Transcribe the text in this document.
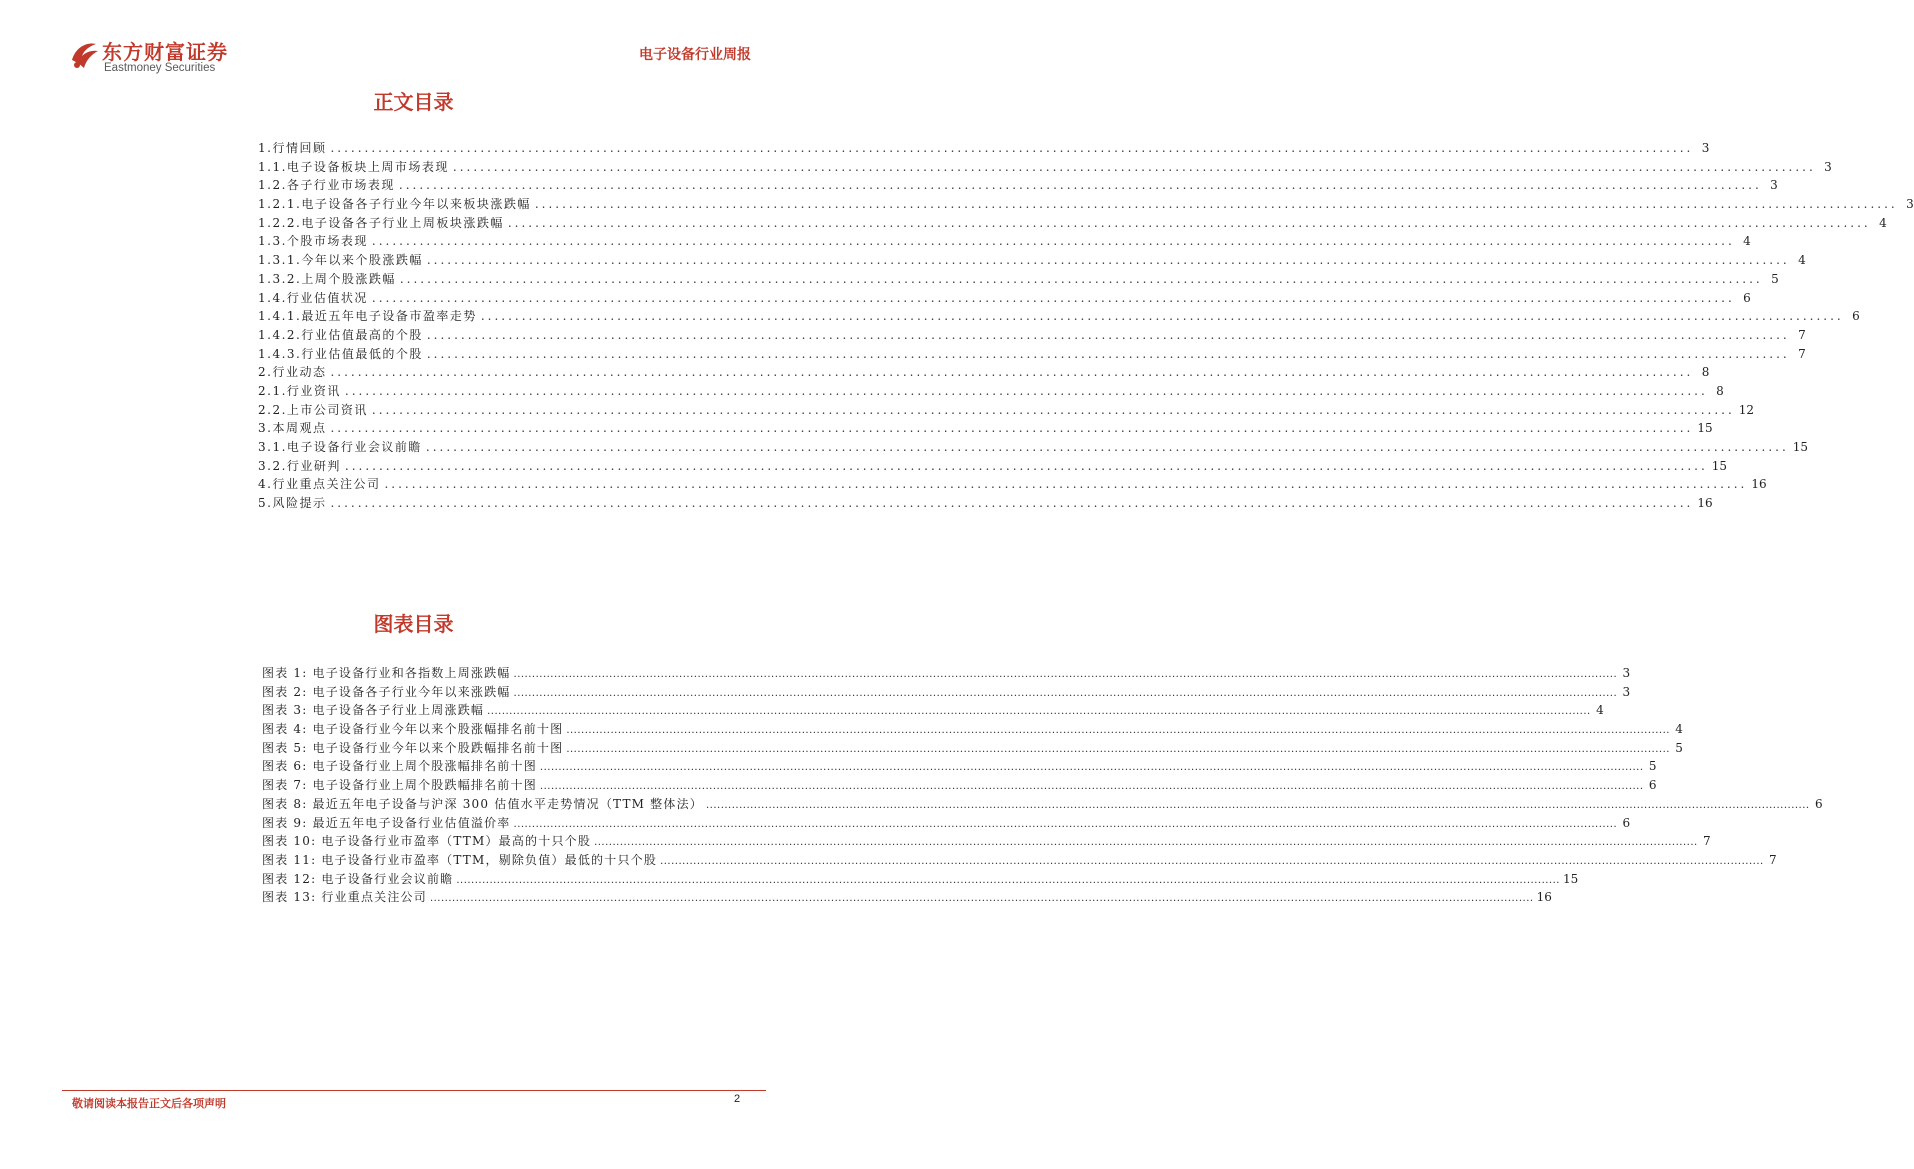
东方财富证券
Eastmoney Securities
电子设备行业周报
正文目录
1.行情回顾 ........................................................................................................................................................................................................ 3
1.1.电子设备板块上周市场表现 ........................................................................................................................................................................................................ 3
1.2.各子行业市场表现 ........................................................................................................................................................................................................ 3
1.2.1.电子设备各子行业今年以来板块涨跌幅 ........................................................................................................................................................................................................ 3
1.2.2.电子设备各子行业上周板块涨跌幅 ........................................................................................................................................................................................................ 4
1.3.个股市场表现 ........................................................................................................................................................................................................ 4
1.3.1.今年以来个股涨跌幅 ........................................................................................................................................................................................................ 4
1.3.2.上周个股涨跌幅 ........................................................................................................................................................................................................ 5
1.4.行业估值状况 ........................................................................................................................................................................................................ 6
1.4.1.最近五年电子设备市盈率走势 ........................................................................................................................................................................................................ 6
1.4.2.行业估值最高的个股 ........................................................................................................................................................................................................ 7
1.4.3.行业估值最低的个股 ........................................................................................................................................................................................................ 7
2.行业动态 ........................................................................................................................................................................................................ 8
2.1.行业资讯 ........................................................................................................................................................................................................ 8
2.2.上市公司资讯 ........................................................................................................................................................................................................ 12
3.本周观点 ........................................................................................................................................................................................................ 15
3.1.电子设备行业会议前瞻 ........................................................................................................................................................................................................ 15
3.2.行业研判 ........................................................................................................................................................................................................ 15
4.行业重点关注公司 ........................................................................................................................................................................................................ 16
5.风险提示 ........................................................................................................................................................................................................ 16
图表目录
图表 1: 电子设备行业和各指数上周涨跌幅 ............................................................................................................................................................................................................................................................................................................ 3
图表 2: 电子设备各子行业今年以来涨跌幅 ............................................................................................................................................................................................................................................................................................................ 3
图表 3: 电子设备各子行业上周涨跌幅 ............................................................................................................................................................................................................................................................................................................ 4
图表 4: 电子设备行业今年以来个股涨幅排名前十图 ............................................................................................................................................................................................................................................................................................................ 4
图表 5: 电子设备行业今年以来个股跌幅排名前十图 ............................................................................................................................................................................................................................................................................................................ 5
图表 6: 电子设备行业上周个股涨幅排名前十图 ............................................................................................................................................................................................................................................................................................................ 5
图表 7: 电子设备行业上周个股跌幅排名前十图 ............................................................................................................................................................................................................................................................................................................ 6
图表 8: 最近五年电子设备与沪深 300 估值水平走势情况（TTM 整体法） ............................................................................................................................................................................................................................................................................................................ 6
图表 9: 最近五年电子设备行业估值溢价率 ............................................................................................................................................................................................................................................................................................................ 6
图表 10: 电子设备行业市盈率（TTM）最高的十只个股 ............................................................................................................................................................................................................................................................................................................ 7
图表 11: 电子设备行业市盈率（TTM，剔除负值）最低的十只个股 ............................................................................................................................................................................................................................................................................................................ 7
图表 12: 电子设备行业会议前瞻 ............................................................................................................................................................................................................................................................................................................ 15
图表 13: 行业重点关注公司 ............................................................................................................................................................................................................................................................................................................ 16
敬请阅读本报告正文后各项声明	2
